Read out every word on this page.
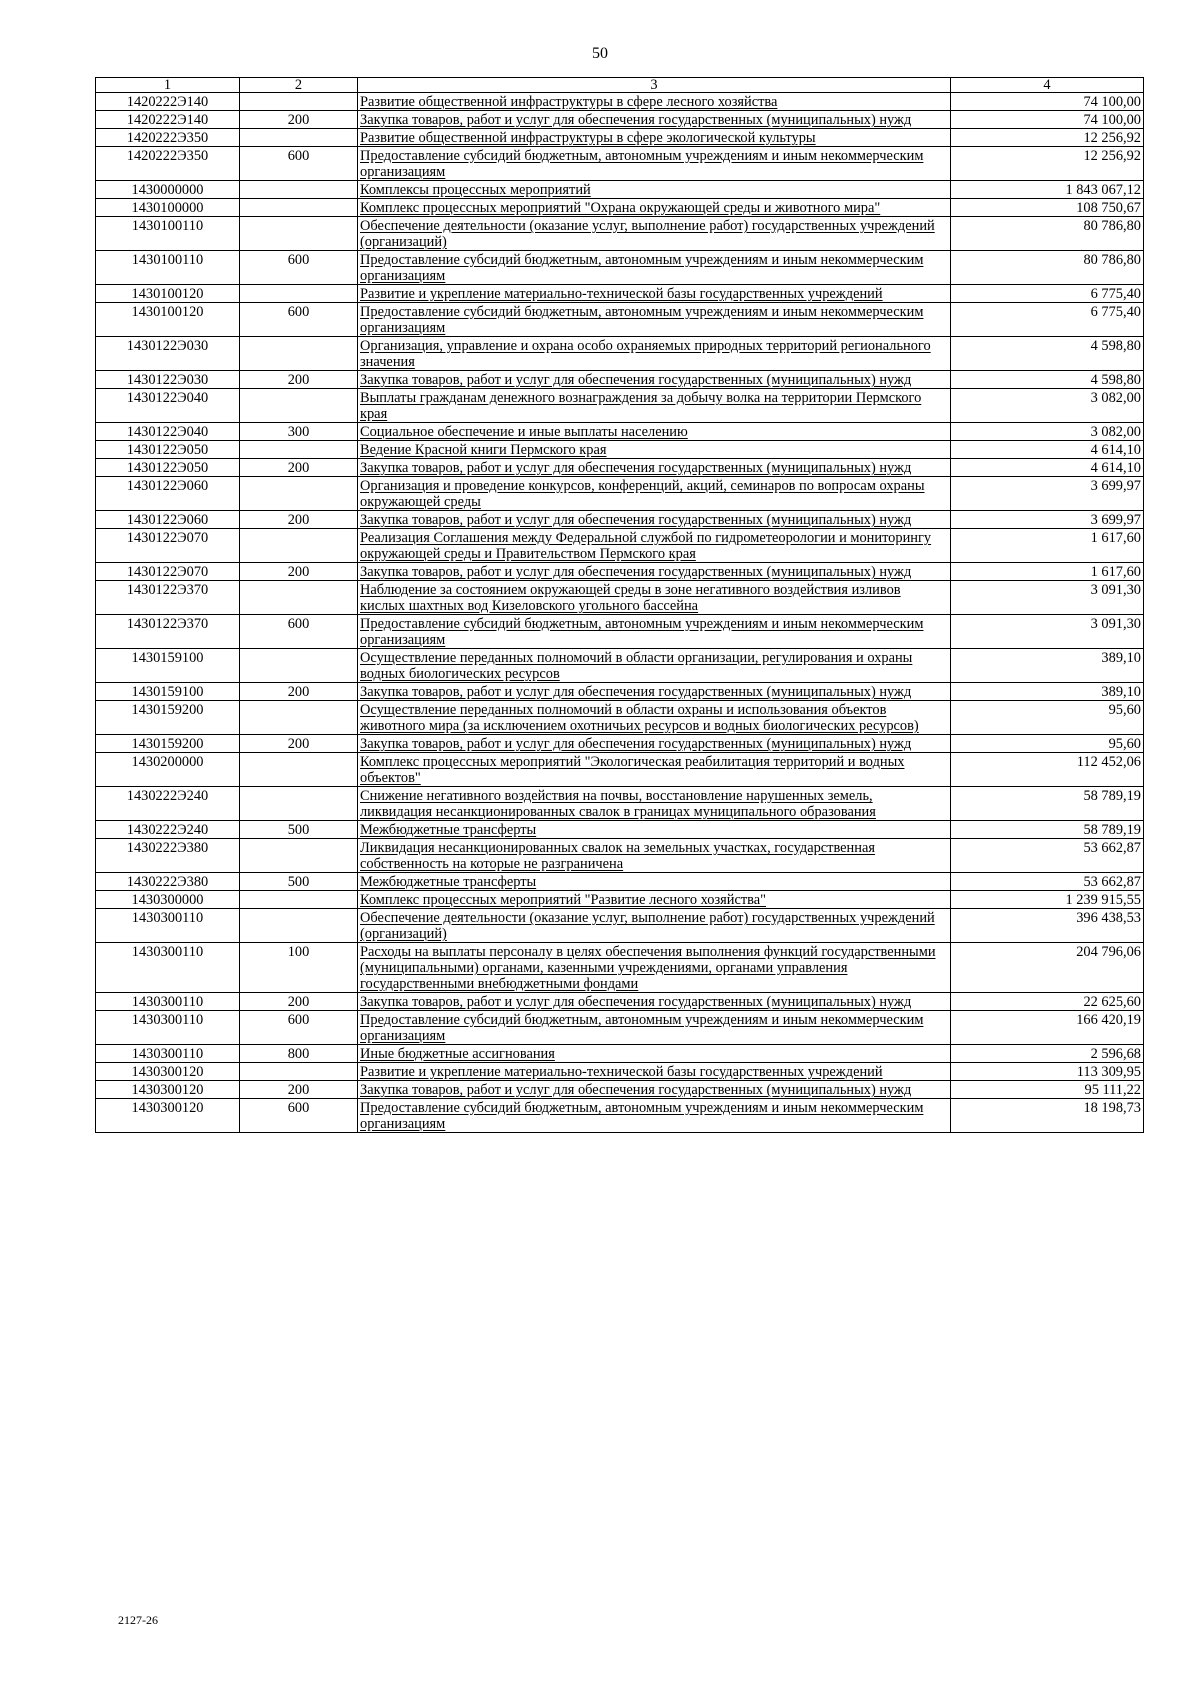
50
1	2	3	4
1420222Э140		Развитие общественной инфраструктуры в сфере лесного хозяйства	74 100,00
1420222Э140	200	Закупка товаров, работ и услуг для обеспечения государственных (муниципальных) нужд	74 100,00
1420222Э350		Развитие общественной инфраструктуры в сфере экологической культуры	12 256,92
1420222Э350	600	Предоставление субсидий бюджетным, автономным учреждениям и иным некоммерческим организациям	12 256,92
1430000000		Комплексы процессных мероприятий	1 843 067,12
1430100000		Комплекс процессных мероприятий "Охрана окружающей среды и животного мира"	108 750,67
1430100110		Обеспечение деятельности (оказание услуг, выполнение работ) государственных учреждений (организаций)	80 786,80
1430100110	600	Предоставление субсидий бюджетным, автономным учреждениям и иным некоммерческим организациям	80 786,80
1430100120		Развитие и укрепление материально-технической базы государственных учреждений	6 775,40
1430100120	600	Предоставление субсидий бюджетным, автономным учреждениям и иным некоммерческим организациям	6 775,40
1430122Э030		Организация, управление и охрана особо охраняемых природных территорий регионального значения	4 598,80
1430122Э030	200	Закупка товаров, работ и услуг для обеспечения государственных (муниципальных) нужд	4 598,80
1430122Э040		Выплаты гражданам денежного вознаграждения за добычу волка на территории Пермского края	3 082,00
1430122Э040	300	Социальное обеспечение и иные выплаты населению	3 082,00
1430122Э050		Ведение Красной книги Пермского края	4 614,10
1430122Э050	200	Закупка товаров, работ и услуг для обеспечения государственных (муниципальных) нужд	4 614,10
1430122Э060		Организация и проведение конкурсов, конференций, акций, семинаров по вопросам охраны окружающей среды	3 699,97
1430122Э060	200	Закупка товаров, работ и услуг для обеспечения государственных (муниципальных) нужд	3 699,97
1430122Э070		Реализация Соглашения между Федеральной службой по гидрометеорологии и мониторингу окружающей среды и Правительством Пермского края	1 617,60
1430122Э070	200	Закупка товаров, работ и услуг для обеспечения государственных (муниципальных) нужд	1 617,60
1430122Э370		Наблюдение за состоянием окружающей среды в зоне негативного воздействия изливов кислых шахтных вод Кизеловского угольного бассейна	3 091,30
1430122Э370	600	Предоставление субсидий бюджетным, автономным учреждениям и иным некоммерческим организациям	3 091,30
1430159100		Осуществление переданных полномочий в области организации, регулирования и охраны водных биологических ресурсов	389,10
1430159100	200	Закупка товаров, работ и услуг для обеспечения государственных (муниципальных) нужд	389,10
1430159200		Осуществление переданных полномочий в области охраны и использования объектов животного мира (за исключением охотничьих ресурсов и водных биологических ресурсов)	95,60
1430159200	200	Закупка товаров, работ и услуг для обеспечения государственных (муниципальных) нужд	95,60
1430200000		Комплекс процессных мероприятий "Экологическая реабилитация территорий и водных объектов"	112 452,06
1430222Э240		Снижение негативного воздействия на почвы, восстановление нарушенных земель, ликвидация несанкционированных свалок в границах муниципального образования	58 789,19
1430222Э240	500	Межбюджетные трансферты	58 789,19
1430222Э380		Ликвидация несанкционированных свалок на земельных участках, государственная собственность на которые не разграничена	53 662,87
1430222Э380	500	Межбюджетные трансферты	53 662,87
1430300000		Комплекс процессных мероприятий "Развитие лесного хозяйства"	1 239 915,55
1430300110		Обеспечение деятельности (оказание услуг, выполнение работ) государственных учреждений (организаций)	396 438,53
1430300110	100	Расходы на выплаты персоналу в целях обеспечения выполнения функций государственными (муниципальными) органами, казенными учреждениями, органами управления государственными внебюджетными фондами	204 796,06
1430300110	200	Закупка товаров, работ и услуг для обеспечения государственных (муниципальных) нужд	22 625,60
1430300110	600	Предоставление субсидий бюджетным, автономным учреждениям и иным некоммерческим организациям	166 420,19
1430300110	800	Иные бюджетные ассигнования	2 596,68
1430300120		Развитие и укрепление материально-технической базы государственных учреждений	113 309,95
1430300120	200	Закупка товаров, работ и услуг для обеспечения государственных (муниципальных) нужд	95 111,22
1430300120	600	Предоставление субсидий бюджетным, автономным учреждениям и иным некоммерческим организациям	18 198,73
2127-26
